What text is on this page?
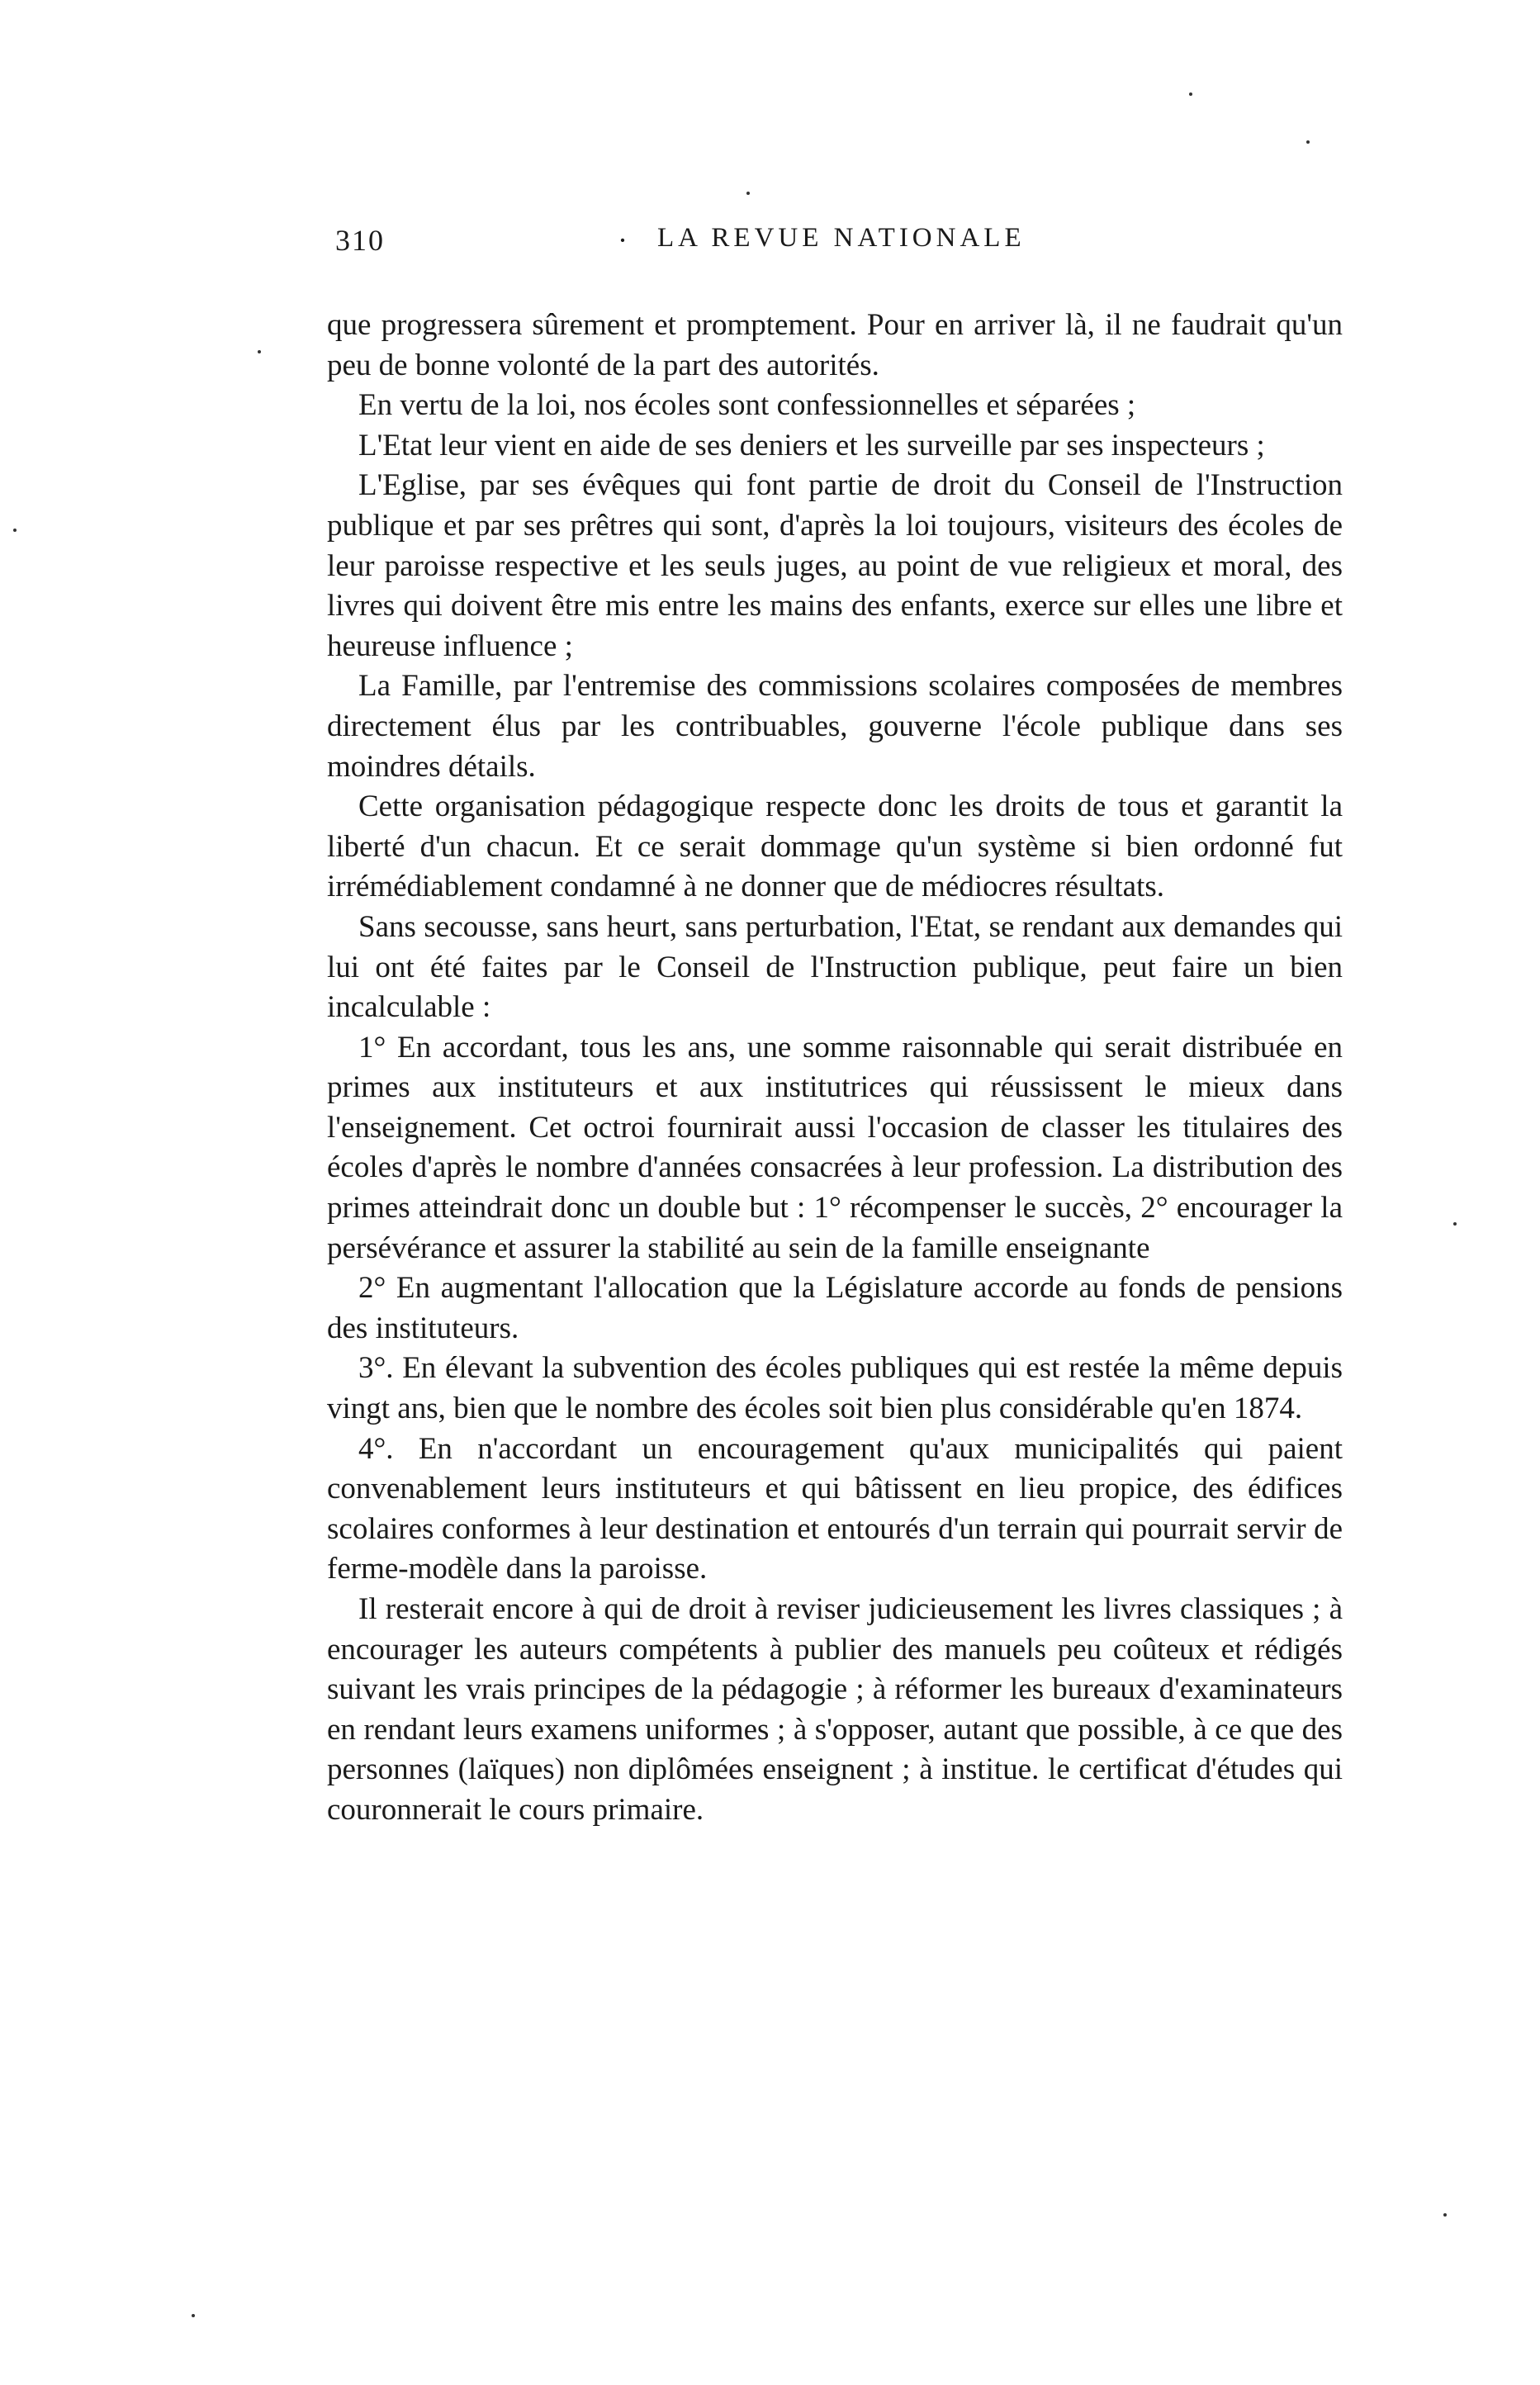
310	· LA REVUE NATIONALE

que progressera sûrement et promptement. Pour en arriver là, il ne faudrait qu'un peu de bonne volonté de la part des autorités.

En vertu de la loi, nos écoles sont confessionnelles et séparées ;

L'Etat leur vient en aide de ses deniers et les surveille par ses inspecteurs ;

L'Eglise, par ses évêques qui font partie de droit du Conseil de l'Instruction publique et par ses prêtres qui sont, d'après la loi toujours, visiteurs des écoles de leur paroisse respective et les seuls juges, au point de vue religieux et moral, des livres qui doivent être mis entre les mains des enfants, exerce sur elles une libre et heureuse influence ;

La Famille, par l'entremise des commissions scolaires composées de membres directement élus par les contribuables, gouverne l'école publique dans ses moindres détails.

Cette organisation pédagogique respecte donc les droits de tous et garantit la liberté d'un chacun. Et ce serait dommage qu'un système si bien ordonné fut irrémédiablement condamné à ne donner que de médiocres résultats.

Sans secousse, sans heurt, sans perturbation, l'Etat, se rendant aux demandes qui lui ont été faites par le Conseil de l'Instruction publique, peut faire un bien incalculable :

1° En accordant, tous les ans, une somme raisonnable qui serait distribuée en primes aux instituteurs et aux institutrices qui réussissent le mieux dans l'enseignement. Cet octroi fournirait aussi l'occasion de classer les titulaires des écoles d'après le nombre d'années consacrées à leur profession. La distribution des primes atteindrait donc un double but : 1° récompenser le succès, 2° encourager la persévérance et assurer la stabilité au sein de la famille enseignante

2° En augmentant l'allocation que la Législature accorde au fonds de pensions des instituteurs.

3°. En élevant la subvention des écoles publiques qui est restée la même depuis vingt ans, bien que le nombre des écoles soit bien plus considérable qu'en 1874.

4°. En n'accordant un encouragement qu'aux municipalités qui paient convenablement leurs instituteurs et qui bâtissent en lieu propice, des édifices scolaires conformes à leur destination et entourés d'un terrain qui pourrait servir de ferme-modèle dans la paroisse.

Il resterait encore à qui de droit à reviser judicieusement les livres classiques ; à encourager les auteurs compétents à publier des manuels peu coûteux et rédigés suivant les vrais principes de la pédagogie ; à réformer les bureaux d'examinateurs en rendant leurs examens uniformes ; à s'opposer, autant que possible, à ce que des personnes (laïques) non diplômées enseignent ; à institue. le certificat d'études qui couronnerait le cours primaire.
